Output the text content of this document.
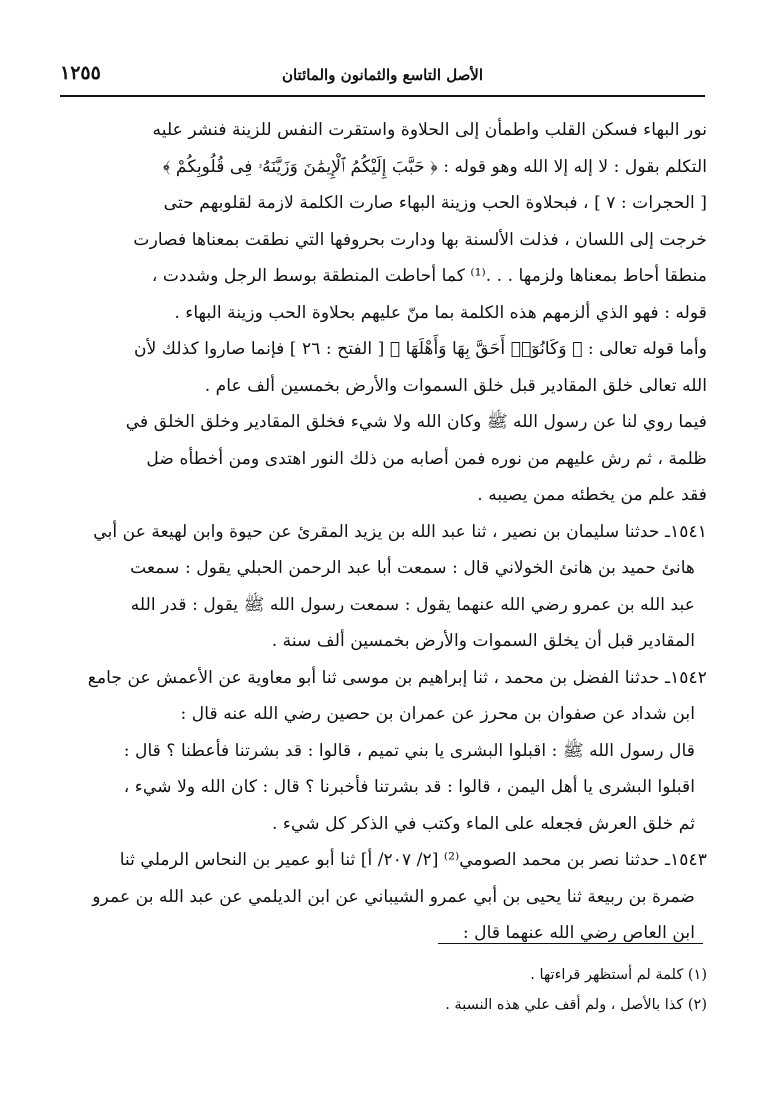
الأصل التاسع والثمانون والمائتان
١٢٥٥
نور البهاء فسكن القلب واطمأن إلى الحلاوة واستقرت النفس للزينة فنشر عليه
التكلم بقول : لا إله إلا الله وهو قوله : ﴿ حَبَّبَ إِلَيْكُمُ ٱلْإِيمَٰنَ وَزَيَّنَهُۥ فِى قُلُوبِكُمْ ﴾
[ الحجرات : ٧ ] ، فبحلاوة الحب وزينة البهاء صارت الكلمة لازمة لقلوبهم حتى
خرجت إلى اللسان ، فذلت الألسنة بها ودارت بحروفها التي نطقت بمعناها فصارت
منطقا أحاط بمعناها ولزمها . . .⁽¹⁾ كما أحاطت المنطقة بوسط الرجل وشددت ،
قوله : فهو الذي ألزمهم هذه الكلمة بما منّ عليهم بحلاوة الحب وزينة البهاء .
وأما قوله تعالى : ﴿ وَكَانُوٓا۟ أَحَقَّ بِهَا وَأَهْلَهَا ﴾ [ الفتح : ٢٦ ] فإنما صاروا كذلك لأن
الله تعالى خلق المقادير قبل خلق السموات والأرض بخمسين ألف عام .
فيما روي لنا عن رسول الله ﷺ وكان الله ولا شيء فخلق المقادير وخلق الخلق في
ظلمة ، ثم رش عليهم من نوره فمن أصابه من ذلك النور اهتدى ومن أخطأه ضل
فقد علم من يخطئه ممن يصيبه .
١٥٤١ـ حدثنا سليمان بن نصير ، ثنا عبد الله بن يزيد المقرئ عن حيوة وابن لهيعة عن أبي
هانئ حميد بن هانئ الخولاني قال : سمعت أبا عبد الرحمن الحبلي يقول : سمعت
عبد الله بن عمرو رضي الله عنهما يقول : سمعت رسول الله ﷺ يقول : قدر الله
المقادير قبل أن يخلق السموات والأرض بخمسين ألف سنة .
١٥٤٢ـ حدثنا الفضل بن محمد ، ثنا إبراهيم بن موسى ثنا أبو معاوية عن الأعمش عن جامع
ابن شداد عن صفوان بن محرز عن عمران بن حصين رضي الله عنه قال :
قال رسول الله ﷺ : اقبلوا البشرى يا بني تميم ، قالوا : قد بشرتنا فأعطنا ؟ قال :
اقبلوا البشرى يا أهل اليمن ، قالوا : قد بشرتنا فأخبرنا ؟ قال : كان الله ولا شيء ،
ثم خلق العرش فجعله على الماء وكتب في الذكر كل شيء .
١٥٤٣ـ حدثنا نصر بن محمد الصومي⁽²⁾ [٢/ ٢٠٧/ أ] ثنا أبو عمير بن النحاس الرملي ثنا
ضمرة بن ربيعة ثنا يحيى بن أبي عمرو الشيباني عن ابن الديلمي عن عبد الله بن عمرو
ابن العاص رضي الله عنهما قال :
(١) كلمة لم أستظهر قراءتها .
(٢) كذا بالأصل ، ولم أقف علي هذه النسبة .
